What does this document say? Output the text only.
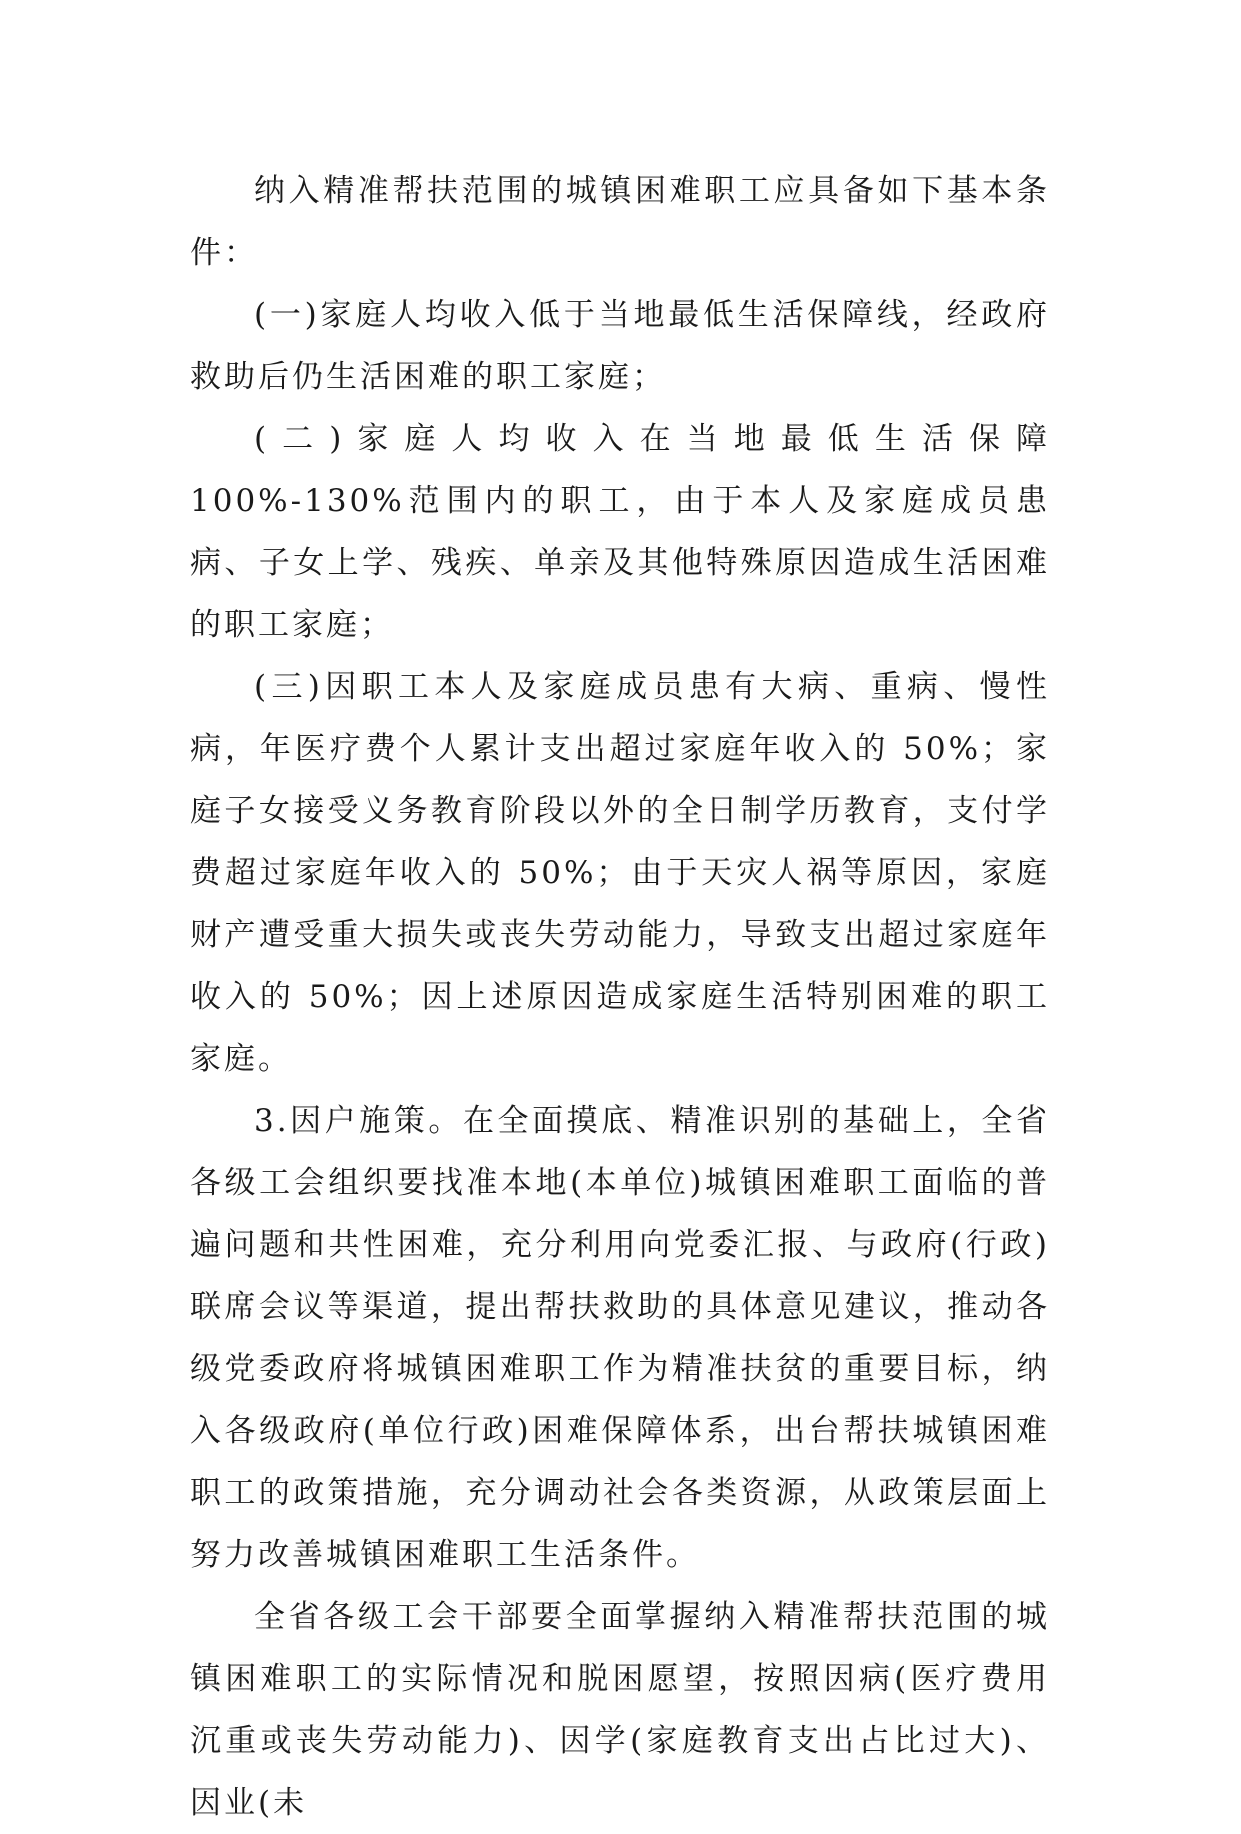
纳入精准帮扶范围的城镇困难职工应具备如下基本条件：

(一)家庭人均收入低于当地最低生活保障线，经政府救助后仍生活困难的职工家庭；

(二)家庭人均收入在当地最低生活保障 100%-130%范围内的职工，由于本人及家庭成员患病、子女上学、残疾、单亲及其他特殊原因造成生活困难的职工家庭；

(三)因职工本人及家庭成员患有大病、重病、慢性病，年医疗费个人累计支出超过家庭年收入的 50%；家庭子女接受义务教育阶段以外的全日制学历教育，支付学费超过家庭年收入的 50%；由于天灾人祸等原因，家庭财产遭受重大损失或丧失劳动能力，导致支出超过家庭年收入的 50%；因上述原因造成家庭生活特别困难的职工家庭。

3.因户施策。在全面摸底、精准识别的基础上，全省各级工会组织要找准本地(本单位)城镇困难职工面临的普遍问题和共性困难，充分利用向党委汇报、与政府(行政)联席会议等渠道，提出帮扶救助的具体意见建议，推动各级党委政府将城镇困难职工作为精准扶贫的重要目标，纳入各级政府(单位行政)困难保障体系，出台帮扶城镇困难职工的政策措施，充分调动社会各类资源，从政策层面上努力改善城镇困难职工生活条件。

全省各级工会干部要全面掌握纳入精准帮扶范围的城镇困难职工的实际情况和脱困愿望，按照因病(医疗费用沉重或丧失劳动能力)、因学(家庭教育支出占比过大)、因业(未
